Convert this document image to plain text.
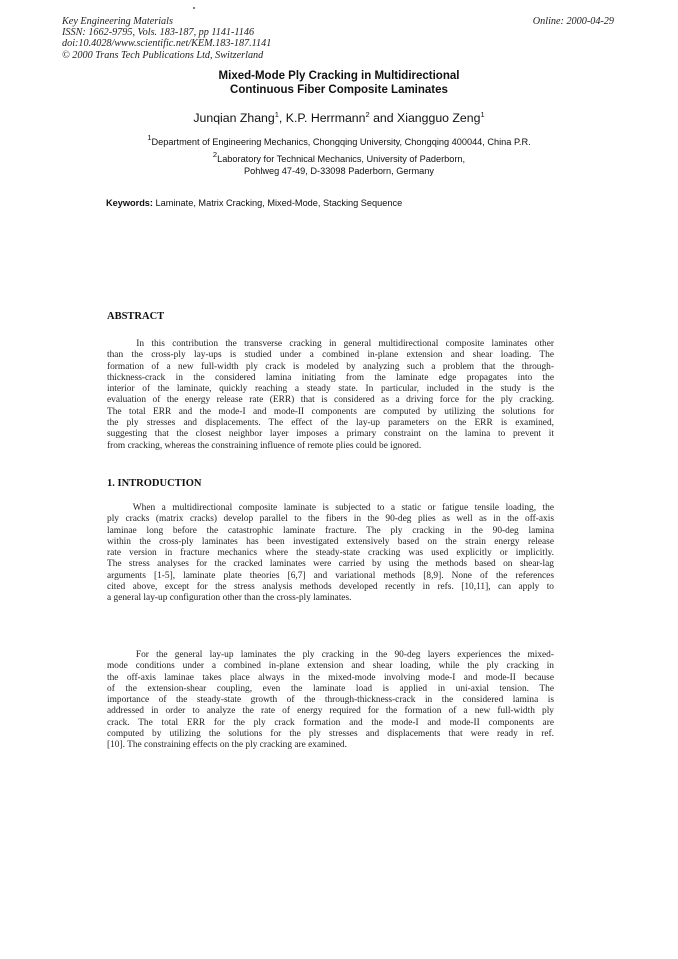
Key Engineering Materials
ISSN: 1662-9795, Vols. 183-187, pp 1141-1146
doi:10.4028/www.scientific.net/KEM.183-187.1141
© 2000 Trans Tech Publications Ltd, Switzerland
Online: 2000-04-29
Mixed-Mode Ply Cracking in Multidirectional
Continuous Fiber Composite Laminates
Junqian Zhang$^1$, K.P. Herrmann$^2$ and Xiangguo Zeng$^1$
$^1$Department of Engineering Mechanics, Chongqing University, Chongqing 400044, China P.R.
$^2$Laboratory for Technical Mechanics, University of Paderborn,
Pohlweg 47-49, D-33098 Paderborn, Germany
Keywords: Laminate, Matrix Cracking, Mixed-Mode, Stacking Sequence
ABSTRACT
In this contribution the transverse cracking in general multidirectional composite laminates other
than the cross-ply lay-ups is studied under a combined in-plane extension and shear loading. The
formation of a new full-width ply crack is modeled by analyzing such a problem that the through-
thickness-crack in the considered lamina initiating from the laminate edge propagates into the
interior of the laminate, quickly reaching a steady state. In particular, included in the study is the
evaluation of the energy release rate (ERR) that is considered as a driving force for the ply cracking.
The total ERR and the mode-I and mode-II components are computed by utilizing the solutions for
the ply stresses and displacements. The effect of the lay-up parameters on the ERR is examined,
suggesting that the closest neighbor layer imposes a primary constraint on the lamina to prevent it
from cracking, whereas the constraining influence of remote plies could be ignored.
1. INTRODUCTION
When a multidirectional composite laminate is subjected to a static or fatigue tensile loading, the
ply cracks (matrix cracks) develop parallel to the fibers in the 90-deg plies as well as in the off-axis
laminae long before the catastrophic laminate fracture. The ply cracking in the 90-deg lamina
within the cross-ply laminates has been investigated extensively based on the strain energy release
rate version in fracture mechanics where the steady-state cracking was used explicitly or implicitly.
The stress analyses for the cracked laminates were carried by using the methods based on shear-lag
arguments [1-5], laminate plate theories [6,7] and variational methods [8,9]. None of the references
cited above, except for the stress analysis methods developed recently in refs. [10,11], can apply to
a general lay-up configuration other than the cross-ply laminates.
For the general lay-up laminates the ply cracking in the 90-deg layers experiences the mixed-
mode conditions under a combined in-plane extension and shear loading, while the ply cracking in
the off-axis laminae takes place always in the mixed-mode involving mode-I and mode-II because
of the extension-shear coupling, even the laminate load is applied in uni-axial tension. The
importance of the steady-state growth of the through-thickness-crack in the considered lamina is
addressed in order to analyze the rate of energy required for the formation of a new full-width ply
crack. The total ERR for the ply crack formation and the mode-I and mode-II components are
computed by utilizing the solutions for the ply stresses and displacements that were ready in ref.
[10]. The constraining effects on the ply cracking are examined.
